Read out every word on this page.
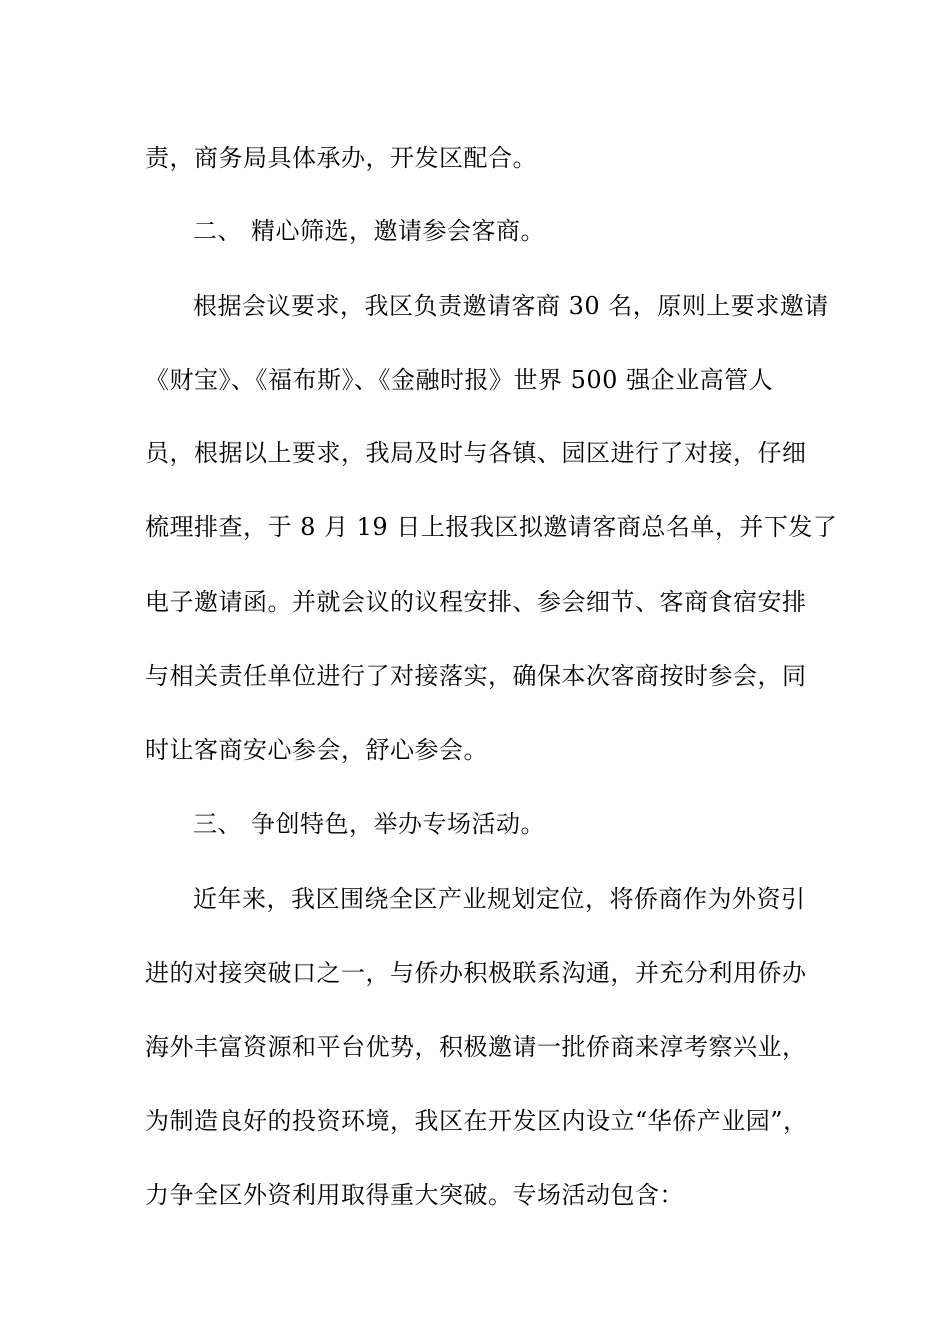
责，商务局具体承办，开发区配合。
二、 精心筛选，邀请参会客商。
根据会议要求，我区负责邀请客商 30 名，原则上要求邀请
《财宝》、《福布斯》、《金融时报》世界 500 强企业高管人
员，根据以上要求，我局及时与各镇、园区进行了对接，仔细
梳理排查，于 8 月 19 日上报我区拟邀请客商总名单，并下发了
电子邀请函。并就会议的议程安排、参会细节、客商食宿安排
与相关责任单位进行了对接落实，确保本次客商按时参会，同
时让客商安心参会，舒心参会。
三、 争创特色，举办专场活动。
近年来，我区围绕全区产业规划定位，将侨商作为外资引
进的对接突破口之一，与侨办积极联系沟通，并充分利用侨办
海外丰富资源和平台优势，积极邀请一批侨商来淳考察兴业，
为制造良好的投资环境，我区在开发区内设立“华侨产业园”，
力争全区外资利用取得重大突破。专场活动包含：
